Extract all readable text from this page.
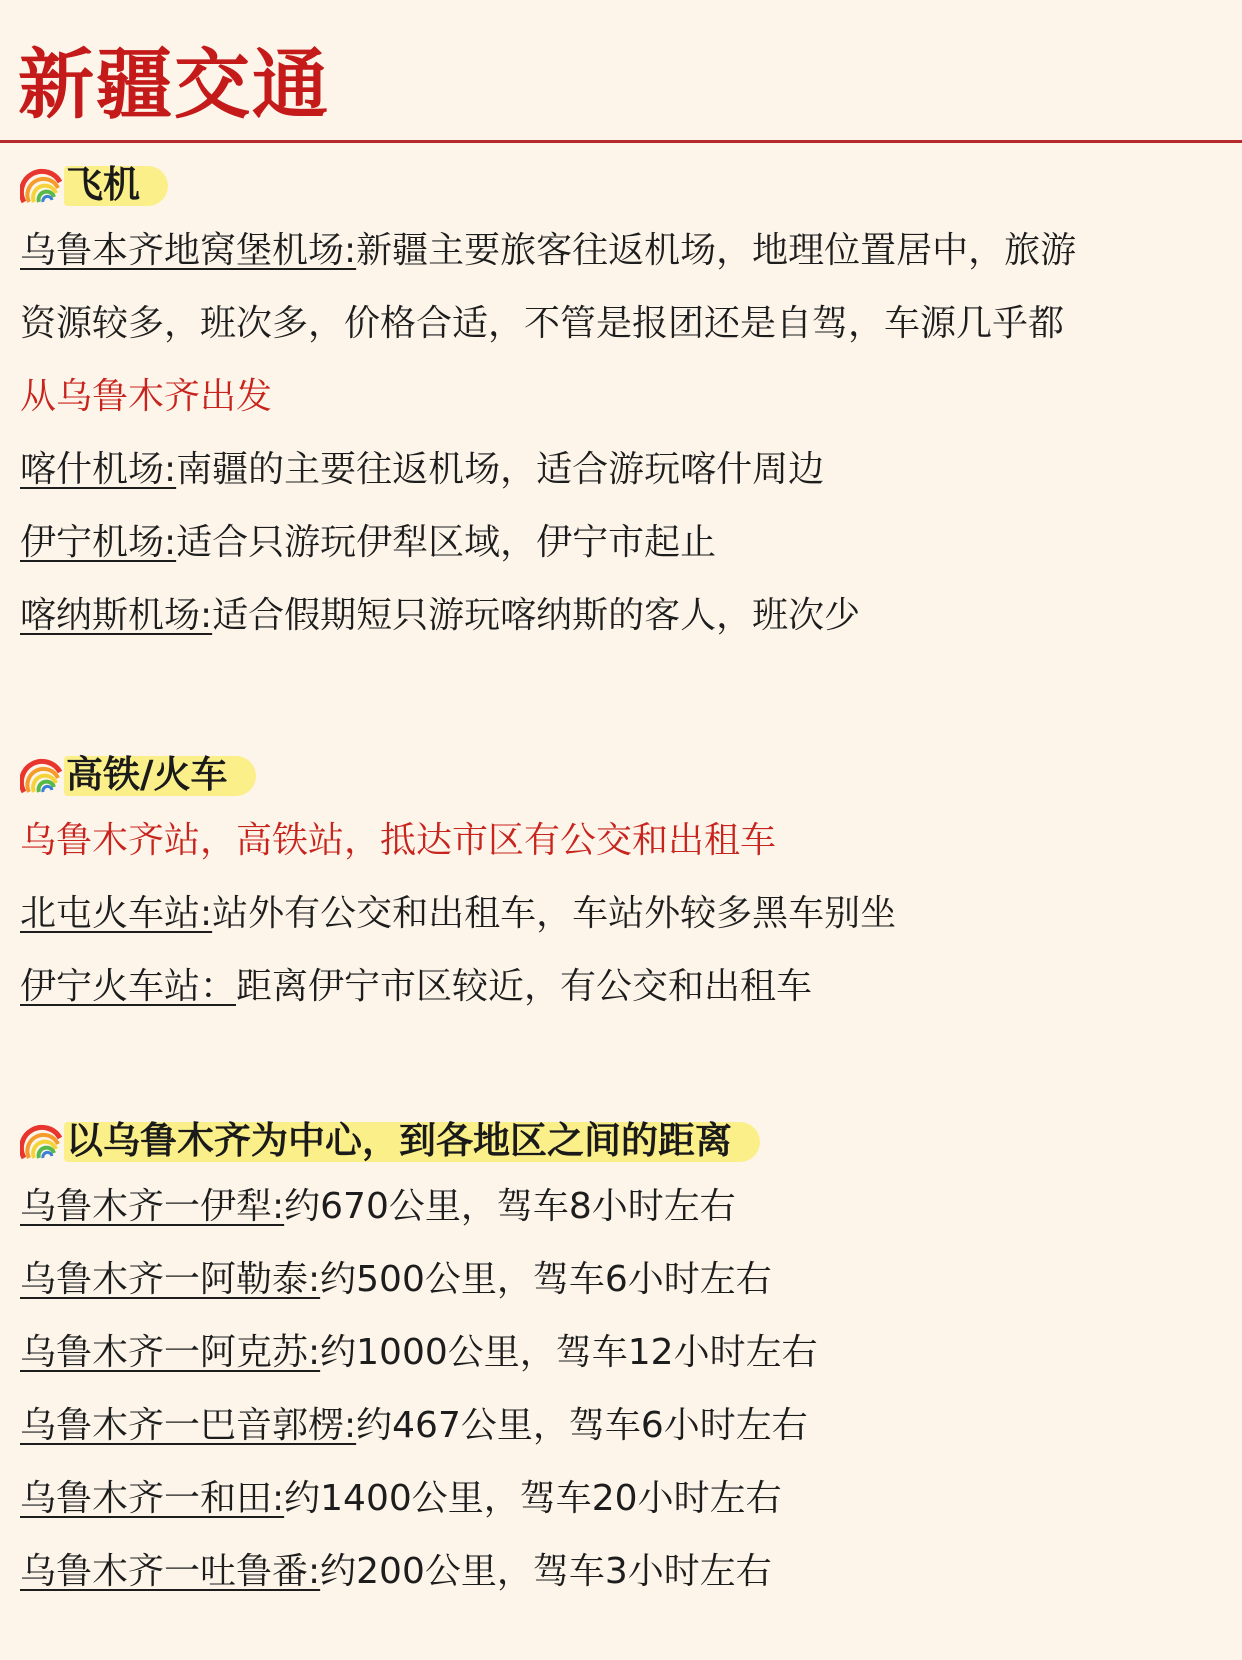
新疆交通
飞机

乌鲁本齐地窝堡机场:新疆主要旅客往返机场，地理位置居中，旅游

资源较多，班次多，价格合适，不管是报团还是自驾，车源几乎都

从乌鲁木齐出发

喀什机场:南疆的主要往返机场，适合游玩喀什周边

伊宁机场:适合只游玩伊犁区域，伊宁市起止

喀纳斯机场:适合假期短只游玩喀纳斯的客人，班次少

高铁/火车

乌鲁木齐站，高铁站，抵达市区有公交和出租车

北屯火车站:站外有公交和出租车，车站外较多黑车别坐

伊宁火车站：距离伊宁市区较近，有公交和出租车

以乌鲁木齐为中心，到各地区之间的距离

乌鲁木齐一伊犁:约670公里，驾车8小时左右

乌鲁木齐一阿勒泰:约500公里，驾车6小时左右

乌鲁木齐一阿克苏:约1000公里，驾车12小时左右

乌鲁木齐一巴音郭楞:约467公里，驾车6小时左右

乌鲁木齐一和田:约1400公里，驾车20小时左右

乌鲁木齐一吐鲁番:约200公里，驾车3小时左右
